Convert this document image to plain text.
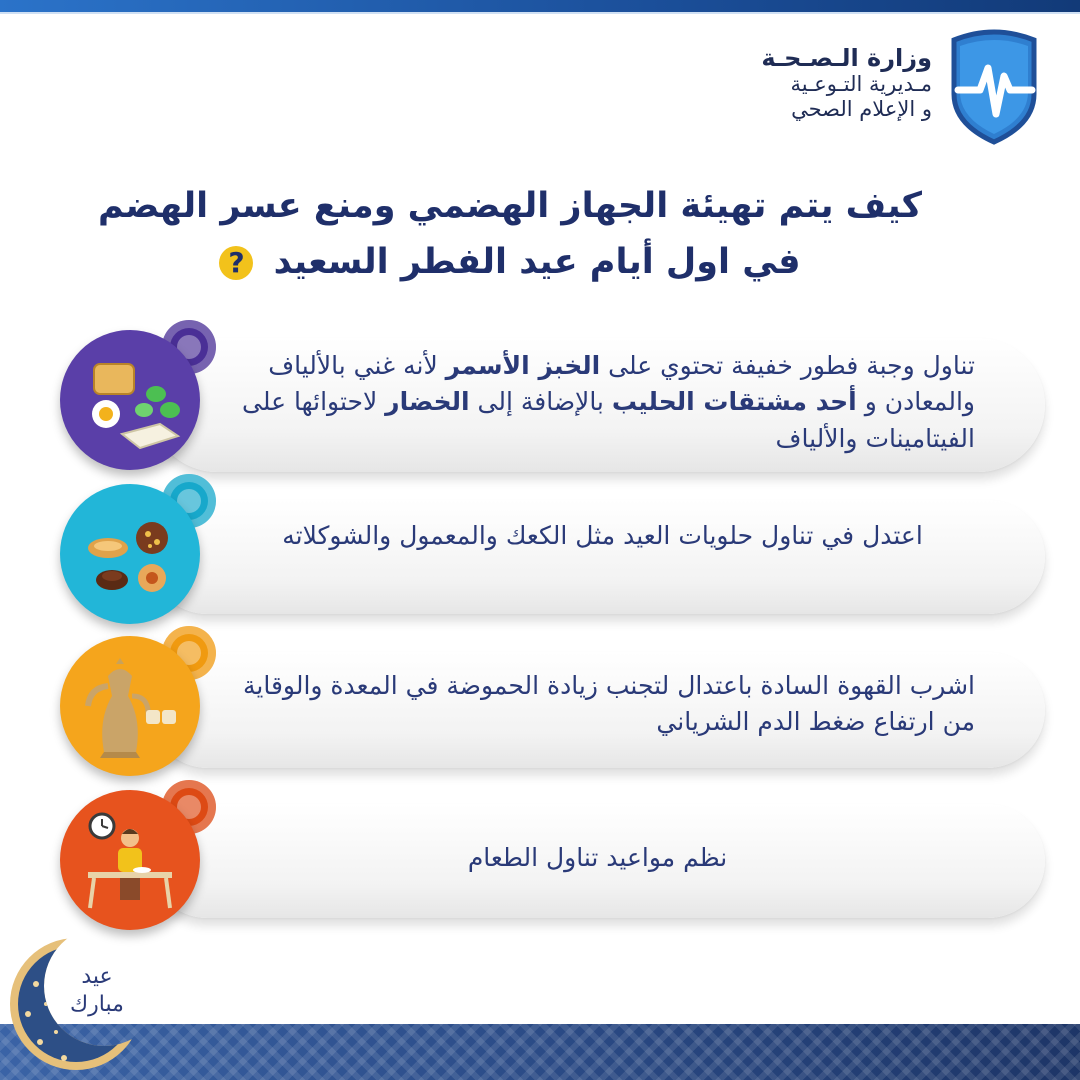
وزارة الـصـحـة
مـديرية التـوعـية
و الإعلام الصحي
كيف يتم تهيئة الجهاز الهضمي ومنع عسر الهضم
في اول أيام عيد الفطر السعيد ?
تناول وجبة فطور خفيفة تحتوي على الخبز الأسمر لأنه غني بالألياف والمعادن و أحد مشتقات الحليب بالإضافة إلى الخضار لاحتوائها على الفيتامينات والألياف
اعتدل في تناول حلويات العيد مثل الكعك والمعمول والشوكلاته
اشرب القهوة السادة باعتدال لتجنب زيادة الحموضة في المعدة والوقاية من ارتفاع ضغط الدم الشرياني
نظم مواعيد تناول الطعام
عيد
مبارك
